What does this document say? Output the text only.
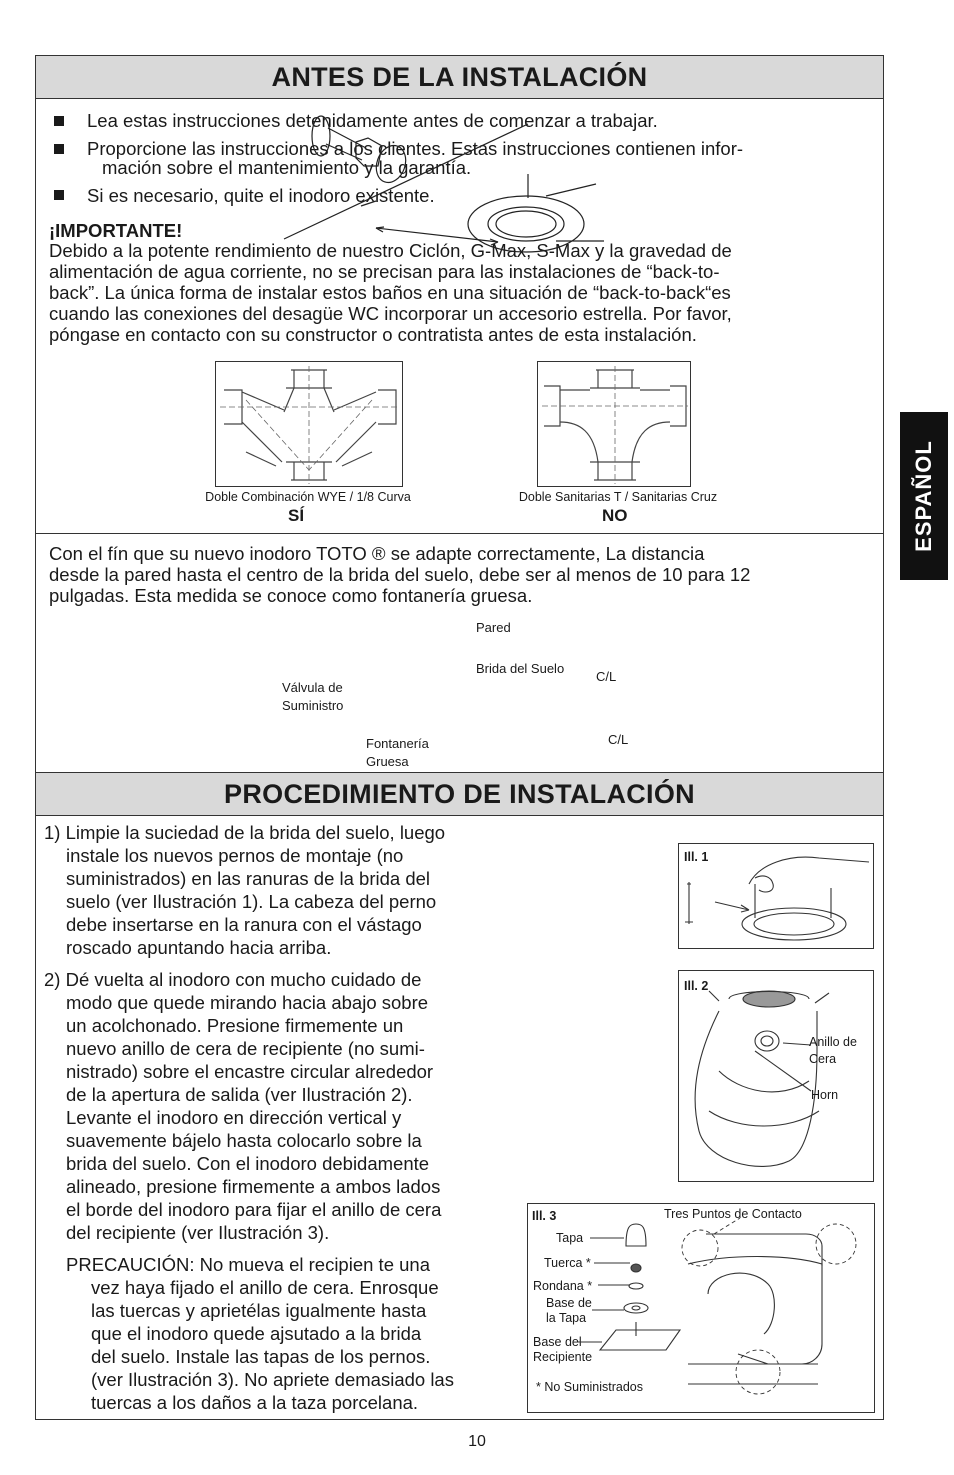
ANTES DE LA INSTALACIÓN
Lea estas instrucciones detenidamente antes de comenzar a trabajar.
Proporcione las instrucciones a los clientes. Estas instrucciones contienen infor-
mación sobre el mantenimiento y la garantía.
Si es necesario, quite el inodoro existente.
¡IMPORTANTE!
Debido a la potente rendimiento de nuestro Ciclón, G-Max, S-Max y la gravedad de
alimentación de agua corriente, no se precisan para las instalaciones de “back-to-
back”. La única forma de instalar estos baños en una situación de “back-to-back“es
cuando las conexiones del desagüe WC incorporar un accesorio estrella. Por favor,
póngase en contacto con su constructor o contratista antes de esta instalación.
Doble Combinación WYE / 1/8 Curva
SÍ
Doble Sanitarias T / Sanitarias Cruz
NO
Con el fín que su nuevo inodoro TOTO ® se adapte correctamente, La distancia
desde la pared hasta el centro de la brida del suelo, debe ser al menos de 10 para 12
pulgadas. Esta medida se conoce como fontanería gruesa.
Pared
Brida del Suelo
C/L
C/L
Válvula de
Suministro
Fontanería
Gruesa
PROCEDIMIENTO DE INSTALACIÓN
1) Limpie la suciedad de la brida del suelo, luego
instale los nuevos pernos de montaje (no
suministrados) en las ranuras de la brida del
suelo (ver Ilustración 1). La cabeza del perno
debe insertarse en la ranura con el vástago
roscado apuntando hacia arriba.
2) Dé vuelta al inodoro con mucho cuidado de
modo que quede mirando hacia abajo sobre
un acolchonado. Presione firmemente un
nuevo anillo de cera de recipiente (no sumi-
nistrado) sobre el encastre circular alrededor
de la apertura de salida (ver Ilustración 2).
Levante el inodoro en dirección vertical y
suavemente bájelo hasta colocarlo sobre la
brida del suelo. Con el inodoro debidamente
alineado, presione firmemente a ambos lados
el borde del inodoro para fijar el anillo de cera
del recipiente (ver Ilustración 3).
PRECAUCIÓN: No mueva el recipien te una
vez haya fijado el anillo de cera. Enrosque
las tuercas y aprietélas igualmente hasta
que el inodoro quede ajsutado a la brida
del suelo. Instale las tapas de los pernos.
(ver Ilustración 3). No apriete demasiado las
tuercas a los daños a la taza porcelana.
Ill. 1
Ill. 2
Anillo de
Cera
Horn
Ill. 3	Tres Puntos de Contacto
Tapa
Tuerca *
Rondana *
Base de
la Tapa
Base del
Recipiente
* No Suministrados
ESPAÑOL
10
